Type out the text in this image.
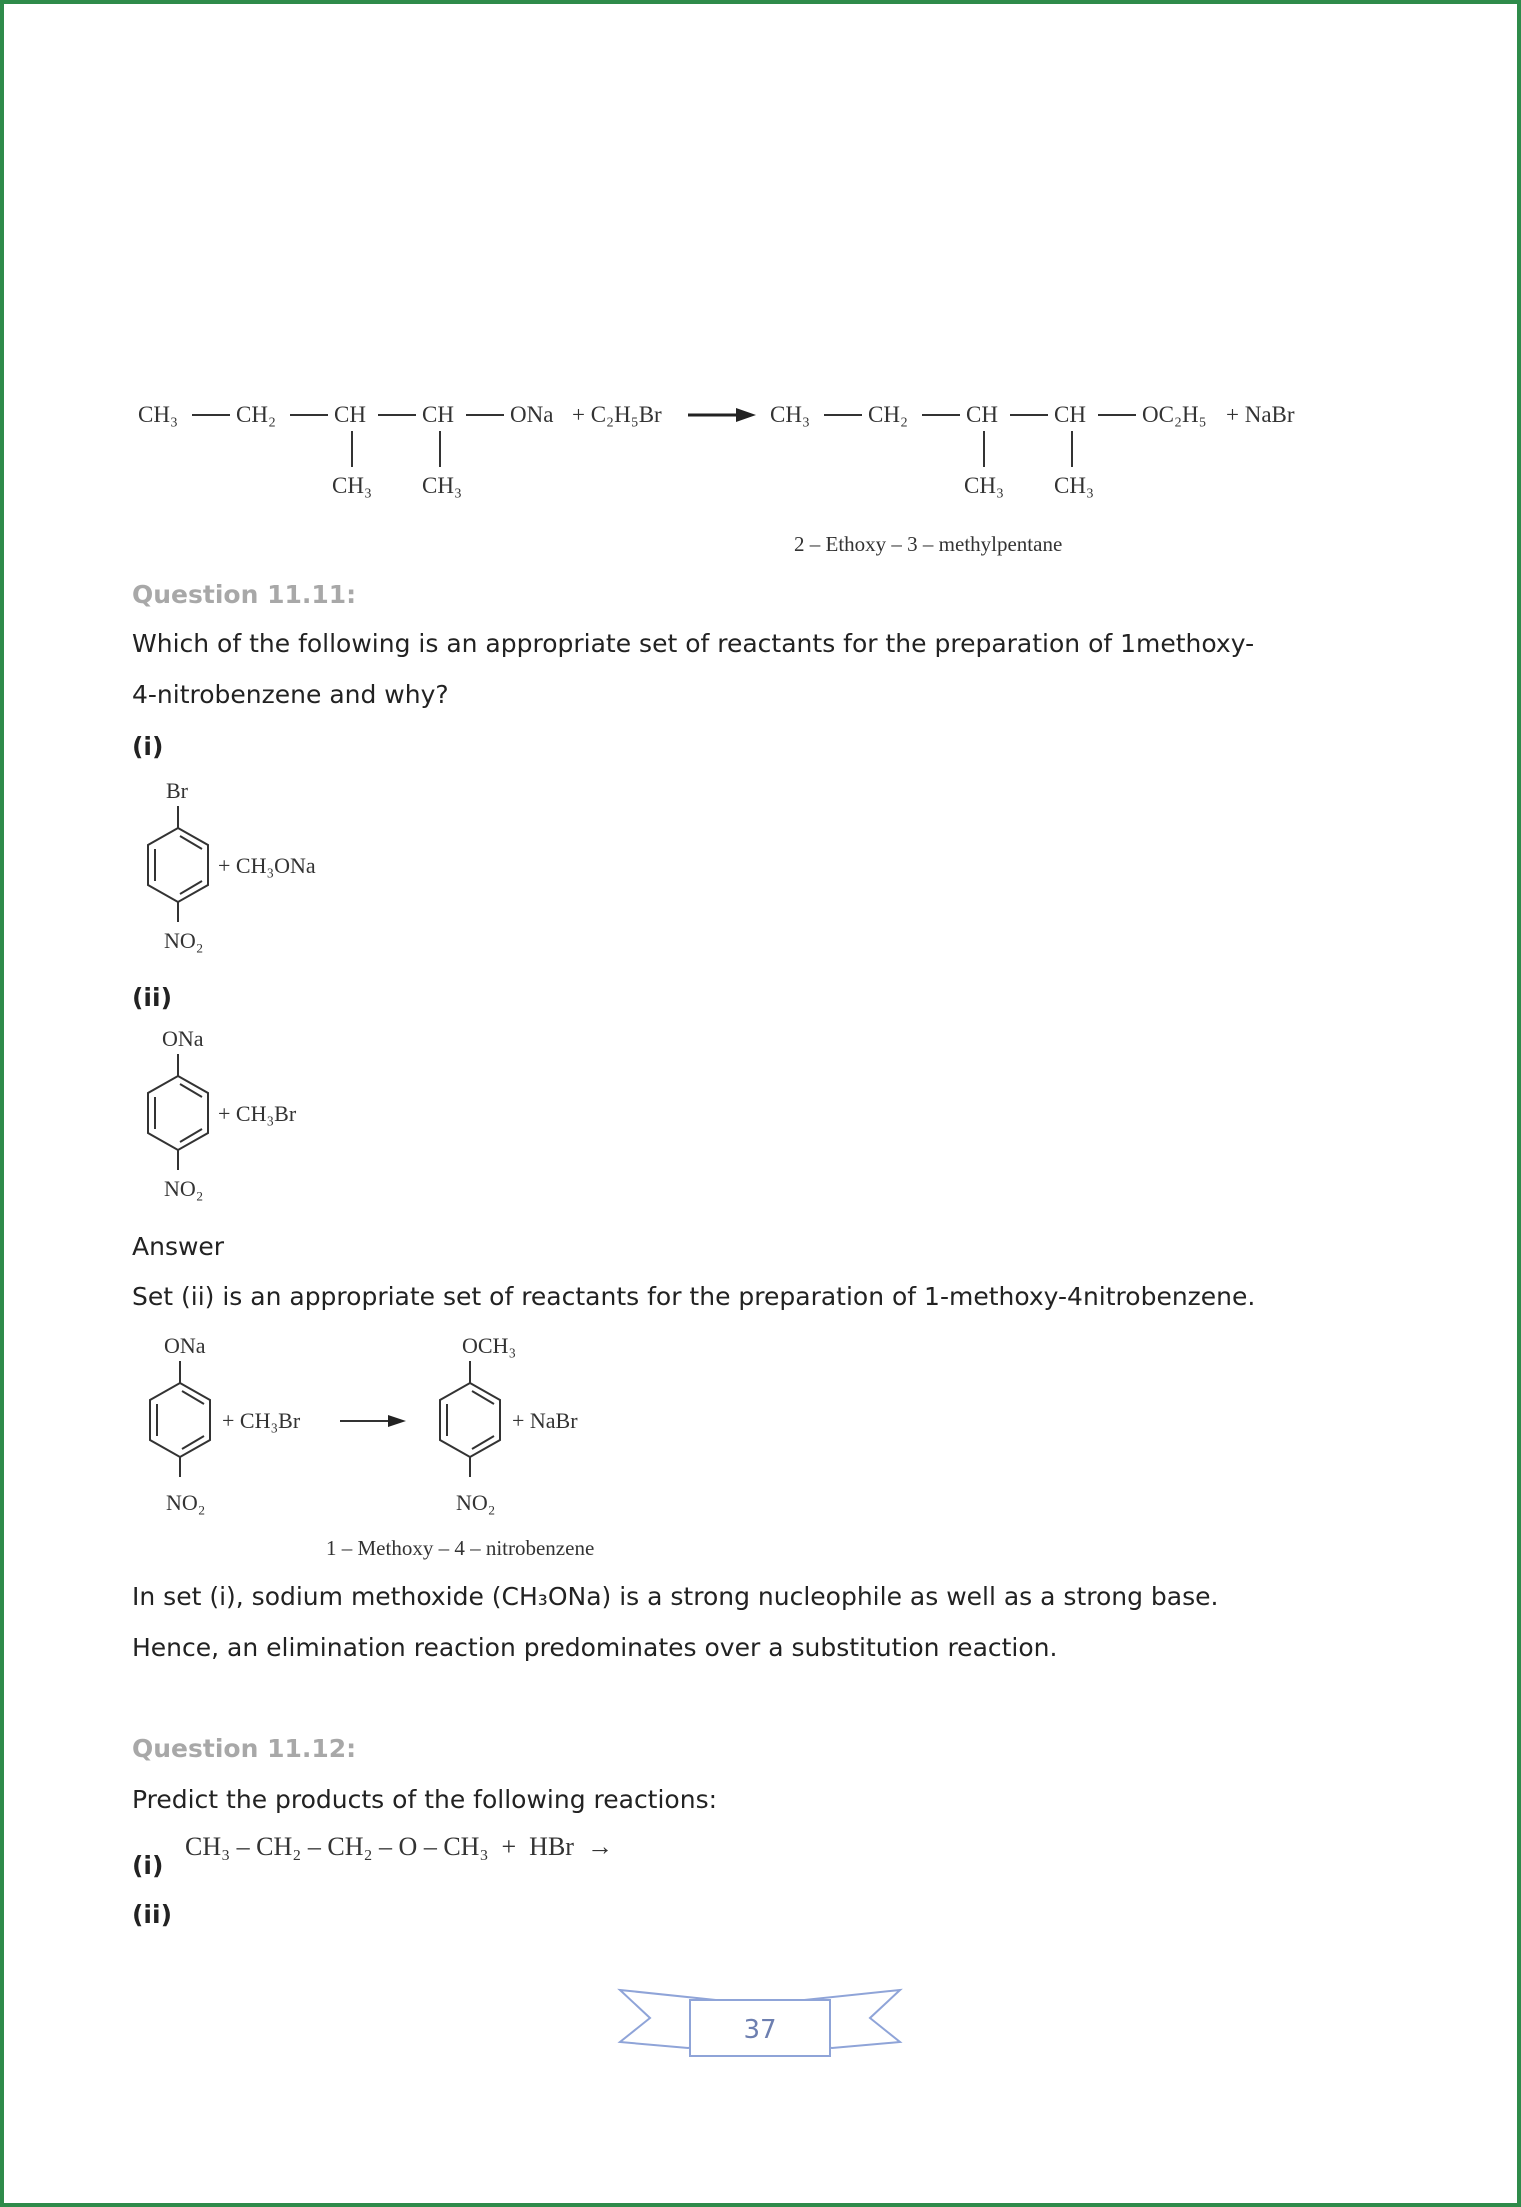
CH₃	CH₂	CH CH ONa
CH₃ CH₃
+ C₂H₅Br	CH₃	CH₂	CH CH OC₂H₅
CH₃ CH₃
+ NaBr
2 – Ethoxy – 3 – methylpentane
Question 11.11:
Which of the following is an appropriate set of reactants for the preparation of 1methoxy-
4-nitrobenzene and why?
(i)
Br
NO₂
+ CH₃ONa
(ii)
ONa
NO₂
+ CH₃Br
Answer
Set (ii) is an appropriate set of reactants for the preparation of 1-methoxy-4nitrobenzene.
ONa
NO₂
+ CH₃Br
OCH₃
NO₂
+ NaBr
1 – Methoxy – 4 – nitrobenzene
In set (i), sodium methoxide (CH₃ONa) is a strong nucleophile as well as a strong base.
Hence, an elimination reaction predominates over a substitution reaction.
Question 11.12:
Predict the products of the following reactions:
(i)
CH₃ – CH₂ – CH₂ – O – CH₃  +  HBr  →
(ii)
37
